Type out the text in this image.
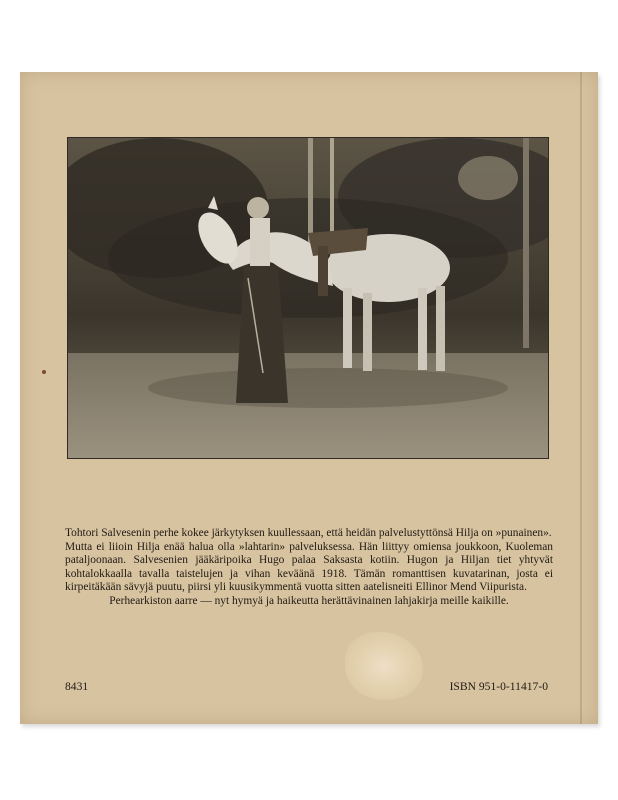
Tohtori Salvesenin perhe kokee järkytyksen kuullessaan, että heidän palvelustyttönsä Hilja on »punainen».

Mutta ei liioin Hilja enää halua olla »lahtarin» palveluksessa. Hän liittyy omiensa joukkoon, Kuoleman pataljoonaan. Salvesenien jääkäripoika Hugo palaa Saksasta kotiin. Hugon ja Hiljan tiet yhtyvät kohtalokkaalla tavalla taistelujen ja vihan keväänä 1918. Tämän romanttisen kuvatarinan, josta ei kirpeitäkään sävyjä puutu, piirsi yli kuusikymmentä vuotta sitten aatelisneiti Ellinor Mend Viipurista.

Perhearkiston aarre — nyt hymyä ja haikeutta herättävinainen lahjakirja meille kaikille.

8431	ISBN 951-0-11417-0
